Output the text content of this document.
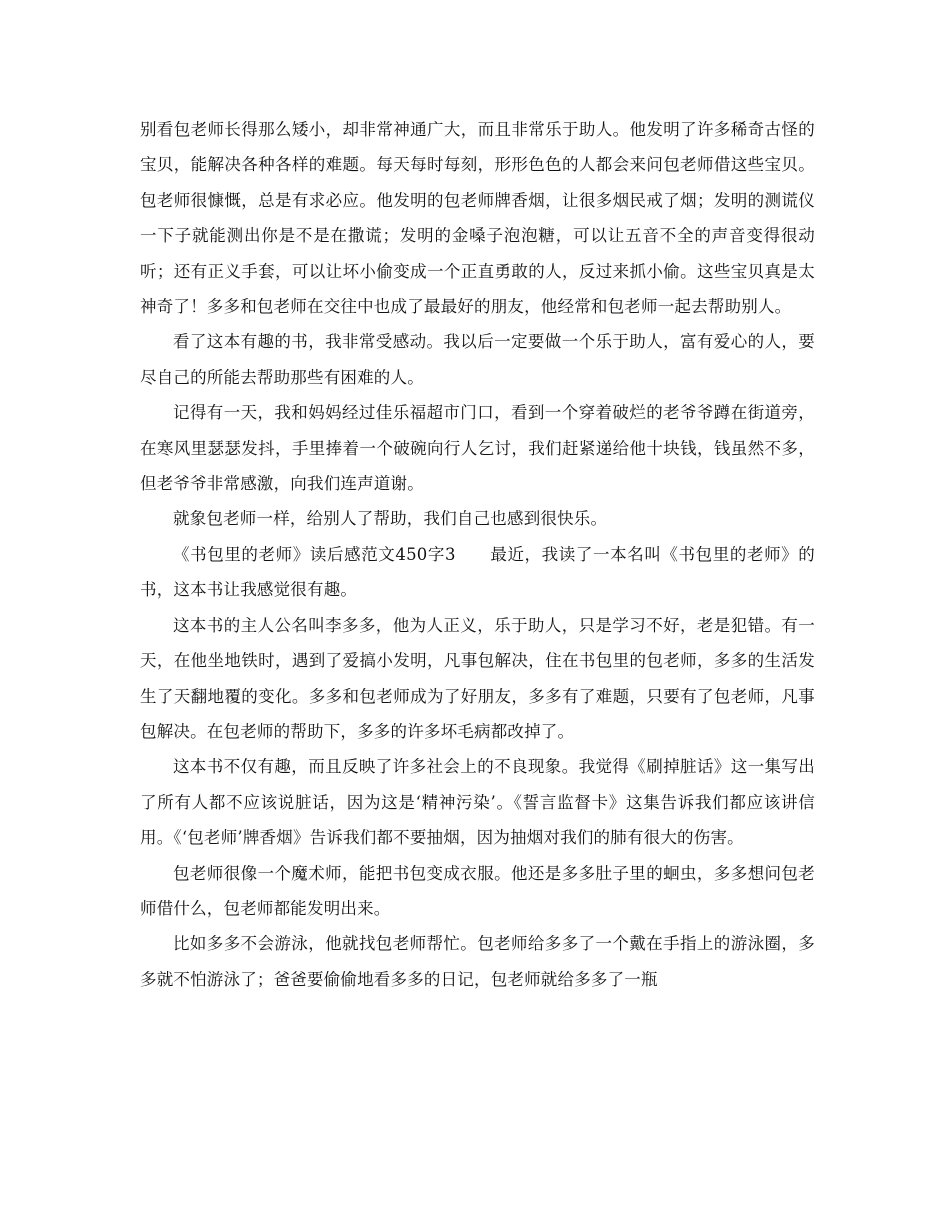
别看包老师长得那么矮小，却非常神通广大，而且非常乐于助人。他发明了许多稀奇古怪的宝贝，能解决各种各样的难题。每天每时每刻，形形色色的人都会来问包老师借这些宝贝。包老师很慷慨，总是有求必应。他发明的包老师牌香烟，让很多烟民戒了烟；发明的测谎仪一下子就能测出你是不是在撒谎；发明的金嗓子泡泡糖，可以让五音不全的声音变得很动听；还有正义手套，可以让坏小偷变成一个正直勇敢的人，反过来抓小偷。这些宝贝真是太神奇了！多多和包老师在交往中也成了最最好的朋友，他经常和包老师一起去帮助别人。

看了这本有趣的书，我非常受感动。我以后一定要做一个乐于助人，富有爱心的人，要尽自己的所能去帮助那些有困难的人。

记得有一天，我和妈妈经过佳乐福超市门口，看到一个穿着破烂的老爷爷蹲在街道旁，在寒风里瑟瑟发抖，手里捧着一个破碗向行人乞讨，我们赶紧递给他十块钱，钱虽然不多，但老爷爷非常感激，向我们连声道谢。

就象包老师一样，给别人了帮助，我们自己也感到很快乐。

《书包里的老师》读后感范文450字3　　最近，我读了一本名叫《书包里的老师》的书，这本书让我感觉很有趣。

这本书的主人公名叫李多多，他为人正义，乐于助人，只是学习不好，老是犯错。有一天，在他坐地铁时，遇到了爱搞小发明，凡事包解决，住在书包里的包老师，多多的生活发生了天翻地覆的变化。多多和包老师成为了好朋友，多多有了难题，只要有了包老师，凡事包解决。在包老师的帮助下，多多的许多坏毛病都改掉了。

这本书不仅有趣，而且反映了许多社会上的不良现象。我觉得《刷掉脏话》这一集写出了所有人都不应该说脏话，因为这是‘精神污染’。《誓言监督卡》这集告诉我们都应该讲信用。《‘包老师’牌香烟》告诉我们都不要抽烟，因为抽烟对我们的肺有很大的伤害。

包老师很像一个魔术师，能把书包变成衣服。他还是多多肚子里的蛔虫，多多想问包老师借什么，包老师都能发明出来。

比如多多不会游泳，他就找包老师帮忙。包老师给多多了一个戴在手指上的游泳圈，多多就不怕游泳了；爸爸要偷偷地看多多的日记，包老师就给多多了一瓶
